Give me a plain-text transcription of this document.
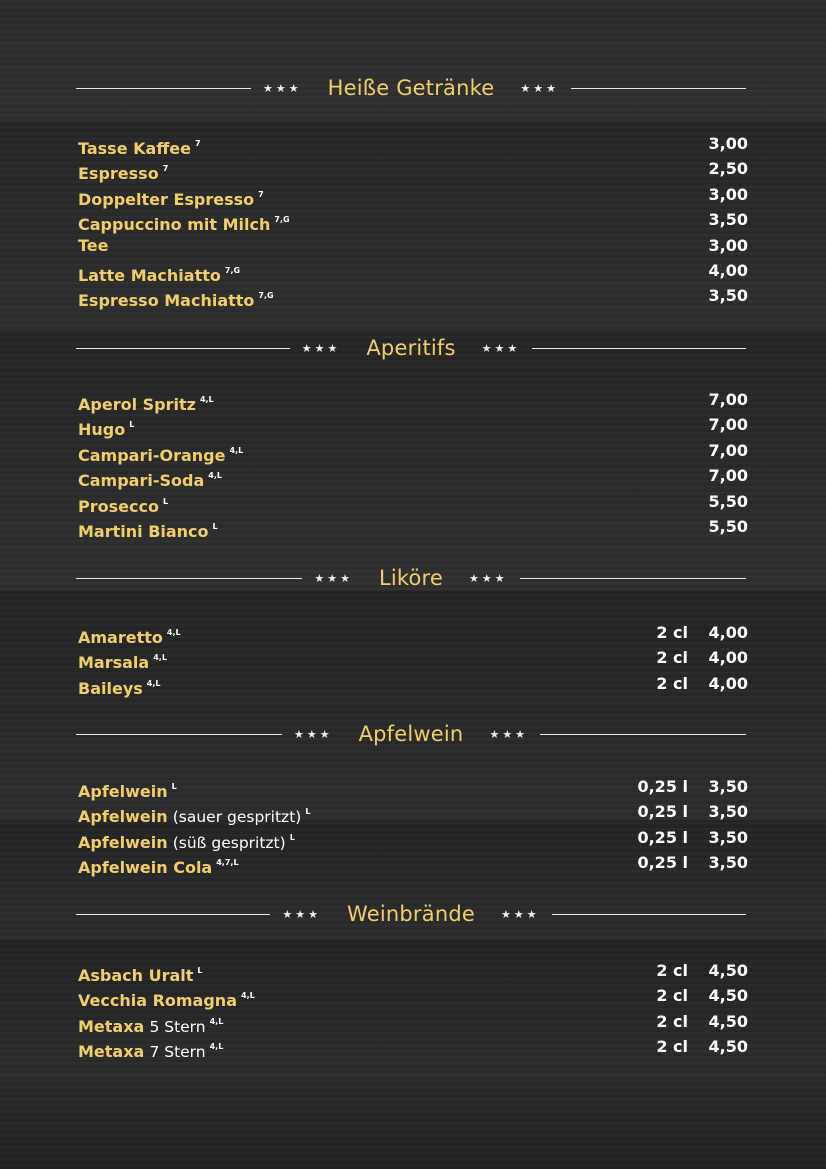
★★★	Heiße Getränke	★★★
Tasse Kaffee $^7$	3,00
Espresso $^7$	2,50
Doppelter Espresso $^7$	3,00
Cappuccino mit Milch $^{7,G}$	3,50
Tee	3,00
Latte Machiatto $^{7,G}$	4,00
Espresso Machiatto $^{7,G}$	3,50
★★★	Aperitifs	★★★
Aperol Spritz $^{4,L}$	7,00
Hugo $^L$	7,00
Campari-Orange $^{4,L}$	7,00
Campari-Soda $^{4,L}$	7,00
Prosecco $^L$	5,50
Martini Bianco $^L$	5,50
★★★	Liköre	★★★
Amaretto $^{4,L}$	2 cl	4,00
Marsala $^{4,L}$	2 cl	4,00
Baileys $^{4,L}$	2 cl	4,00
★★★	Apfelwein	★★★
Apfelwein $^L$	0,25 l	3,50
Apfelwein (sauer gespritzt) $^L$	0,25 l	3,50
Apfelwein (süß gespritzt) $^L$	0,25 l	3,50
Apfelwein Cola $^{4,7,L}$	0,25 l	3,50
★★★	Weinbrände	★★★
Asbach Uralt $^L$	2 cl	4,50
Vecchia Romagna $^{4,L}$	2 cl	4,50
Metaxa 5 Stern $^{4,L}$	2 cl	4,50
Metaxa 7 Stern $^{4,L}$	2 cl	4,50
